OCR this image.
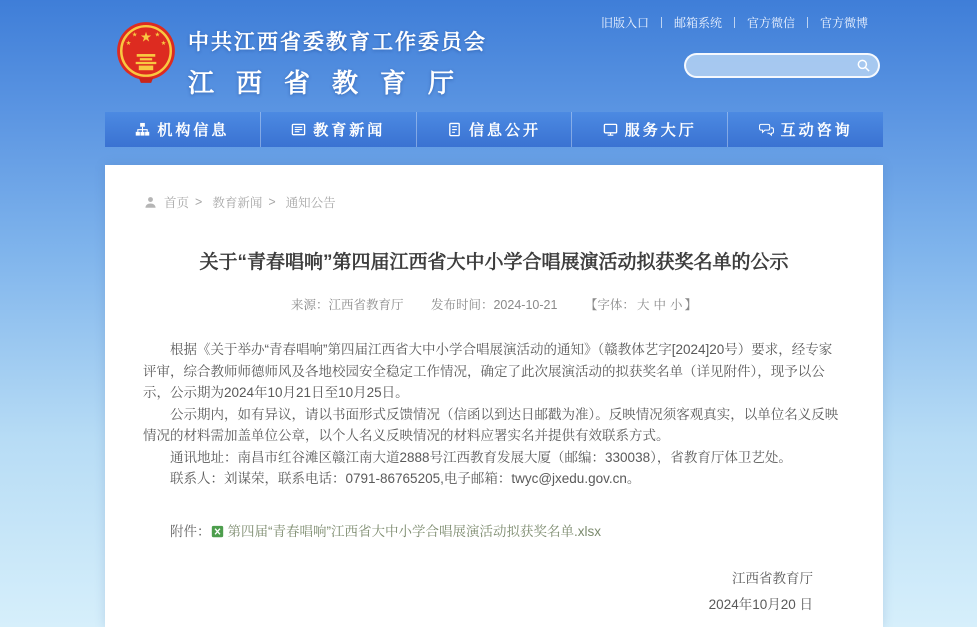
★
★	★
★	★ 中共江西省委教育工作委员会
江西省教育厅
旧版入口	邮箱系统	官方微信	官方微博
机构信息	教育新闻	信息公开	服务大厅	互动咨询
首页 > 教育新闻 > 通知公告
关于“青春唱响”第四届江西省大中小学合唱展演活动拟获奖名单的公示
来源：江西省教育厅 发布时间：2024-10-21 【字体： 大 中 小 】

根据《关于举办“青春唱响”第四届江西省大中小学合唱展演活动的通知》（赣教体艺字[2024]20号）要求，经专家评审，综合教师师德师风及各地校园安全稳定工作情况，确定了此次展演活动的拟获奖名单（详见附件），现予以公示，公示期为2024年10月21日至10月25日。

公示期内，如有异议，请以书面形式反馈情况（信函以到达日邮戳为准）。反映情况须客观真实，以单位名义反映情况的材料需加盖单位公章，以个人名义反映情况的材料应署实名并提供有效联系方式。

通讯地址：南昌市红谷滩区赣江南大道2888号江西教育发展大厦（邮编：330038），省教育厅体卫艺处。

联系人：刘谋荣，联系电话：0791-86765205,电子邮箱：twyc@jxedu.gov.cn。

附件： 第四届“青春唱响”江西省大中小学合唱展演活动拟获奖名单.xlsx
江西省教育厅
2024年10月20 日
